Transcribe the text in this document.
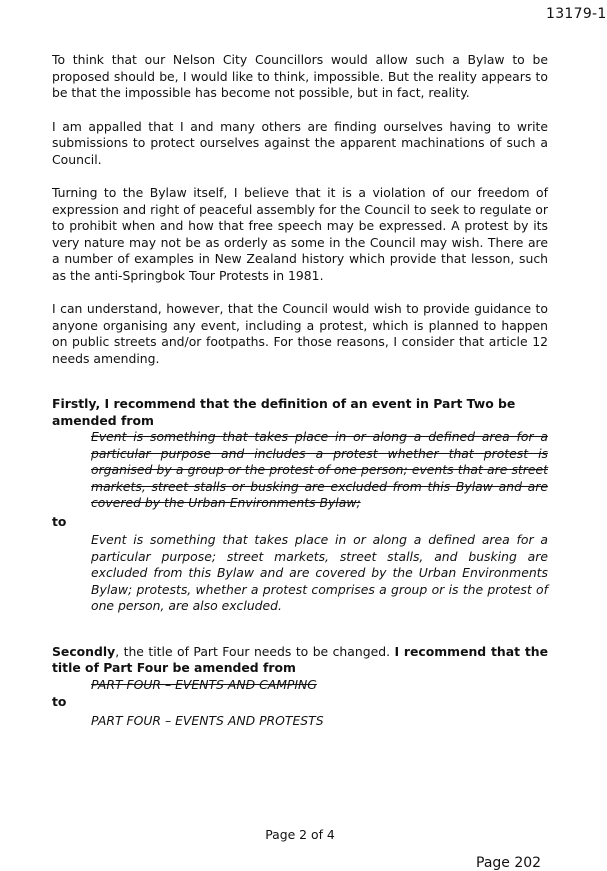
13179-1

To think that our Nelson City Councillors would allow such a Bylaw to be proposed should be, I would like to think, impossible. But the reality appears to be that the impossible has become not possible, but in fact, reality.

I am appalled that I and many others are finding ourselves having to write submissions to protect ourselves against the apparent machinations of such a Council.

Turning to the Bylaw itself, I believe that it is a violation of our freedom of expression and right of peaceful assembly for the Council to seek to regulate or to prohibit when and how that free speech may be expressed. A protest by its very nature may not be as orderly as some in the Council may wish. There are a number of examples in New Zealand history which provide that lesson, such as the anti-Springbok Tour Protests in 1981.

I can understand, however, that the Council would wish to provide guidance to anyone organising any event, including a protest, which is planned to happen on public streets and/or footpaths. For those reasons, I consider that article 12 needs amending.

Firstly, I recommend that the definition of an event in Part Two be amended from

Event is something that takes place in or along a defined area for a particular purpose and includes a protest whether that protest is organised by a group or the protest of one person; events that are street markets, street stalls or busking are excluded from this Bylaw and are covered by the Urban Environments Bylaw;

to

Event is something that takes place in or along a defined area for a particular purpose; street markets, street stalls, and busking are excluded from this Bylaw and are covered by the Urban Environments Bylaw; protests, whether a protest comprises a group or is the protest of one person, are also excluded.

Secondly, the title of Part Four needs to be changed. I recommend that the title of Part Four be amended from

PART FOUR – EVENTS AND CAMPING

to

PART FOUR – EVENTS AND PROTESTS

Page 2 of 4
Page 202
